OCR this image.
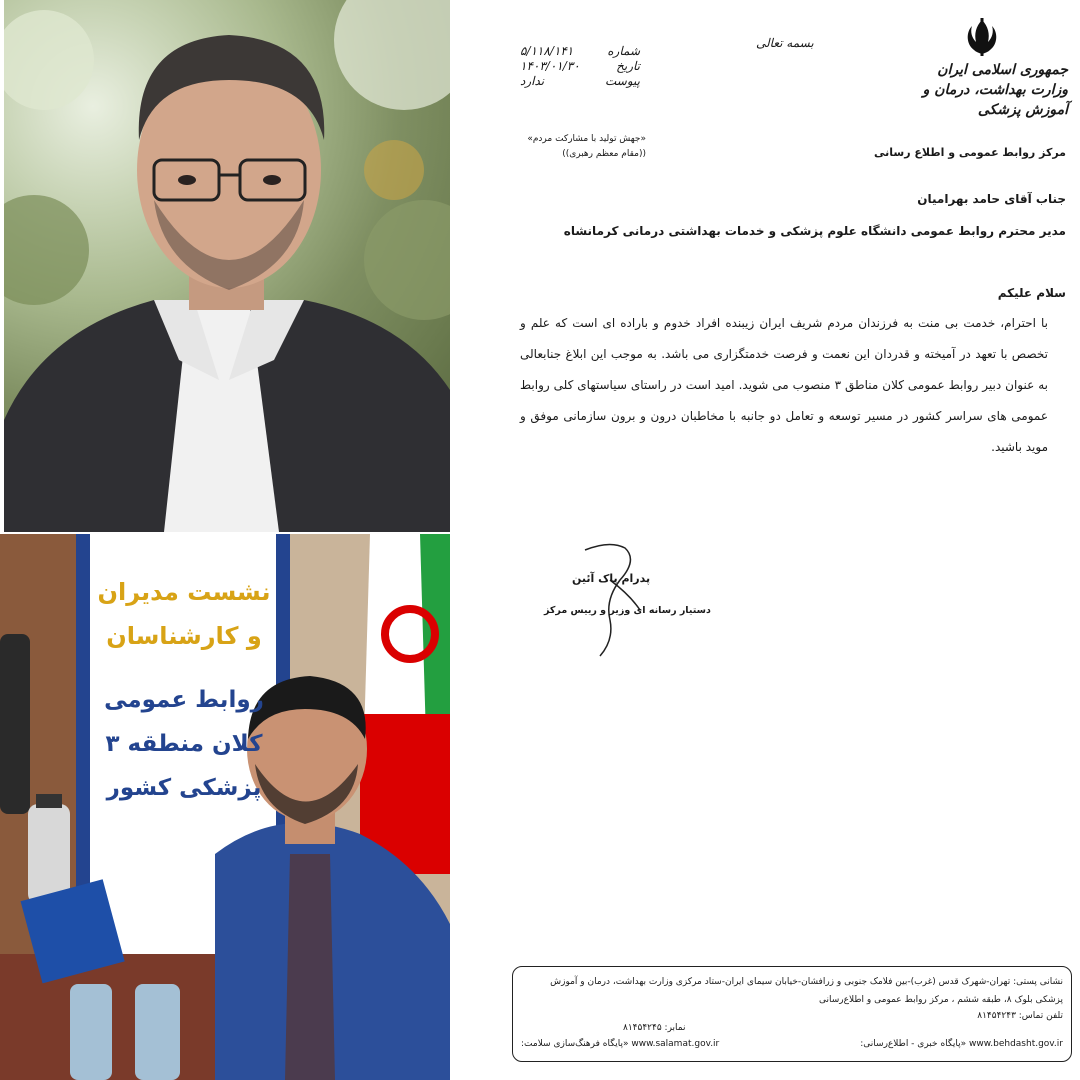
نشست مدیران
و کارشناسان
روابط عمومی
کلان منطقه ۳
پزشکی کشور
جمهوری اسلامی ایران
وزارت بهداشت، درمان و آموزش پزشکی
مرکز روابط عمومی و اطلاع رسانی
بسمه تعالی
شماره
۵/۱۱۸/۱۴۱
تاریخ
۱۴۰۳/۰۱/۳۰
پیوست
ندارد
«جهش تولید با مشارکت مردم»
((مقام معظم رهبری))
جناب آقای حامد بهرامیان
مدیر محترم روابط عمومی دانشگاه علوم پزشکی و خدمات بهداشتی درمانی کرمانشاه
سلام علیکم
با احترام، خدمت بی منت به فرزندان مردم شریف ایران زیبنده افراد خدوم و باراده ای است که علم و تخصص با تعهد در آمیخته و قدردان این نعمت و فرصت خدمتگزاری می باشد. به موجب این ابلاغ جنابعالی به عنوان دبیر روابط عمومی کلان مناطق ۳ منصوب می شوید. امید است در راستای سیاستهای کلی روابط عمومی های سراسر کشور در مسیر توسعه و تعامل دو جانبه با مخاطبان درون و برون سازمانی موفق و موید باشید.
پدرام پاک آئین
دستیار رسانه ای وزیر و رییس مرکز
نشانی پستی: تهران-شهرک قدس (غرب)-بین فلامک جنوبی و زرافشان-خیابان سیمای ایران-ستاد مرکزی وزارت بهداشت، درمان و آموزش پزشکی بلوک ۸، طبقه ششم ، مرکز روابط عمومی و اطلاع‌رسانی
تلفن تماس: ۸۱۴۵۴۲۴۳
نمابر: ۸۱۴۵۴۲۴۵
www.behdasht.gov.ir «پایگاه خبری - اطلاع‌رسانی:
www.salamat.gov.ir «پایگاه فرهنگ‌سازی سلامت:
